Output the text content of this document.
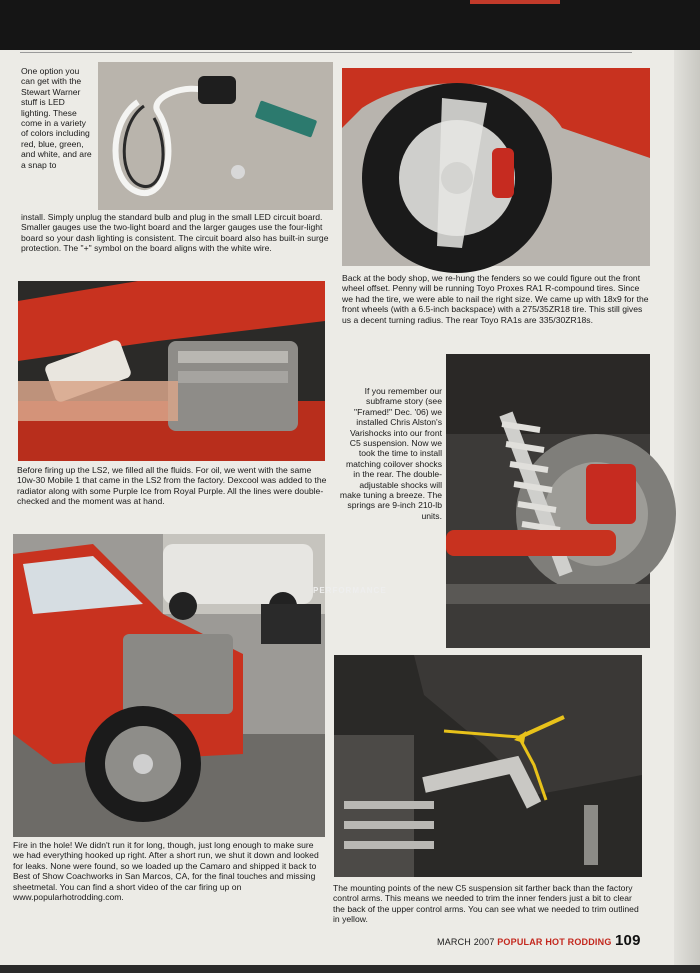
One option you can get with the Stewart Warner stuff is LED lighting. These come in a variety of colors including red, blue, green, and white, and are a snap to

install. Simply unplug the standard bulb and plug in the small LED circuit board. Smaller gauges use the two-light board and the larger gauges use the four-light board so your dash lighting is consistent. The circuit board also has built-in surge protection. The "+" symbol on the board aligns with the white wire.

Before firing up the LS2, we filled all the fluids. For oil, we went with the same 10w-30 Mobile 1 that came in the LS2 from the factory. Dexcool was added to the radiator along with some Purple Ice from Royal Purple. All the lines were double-checked and the moment was at hand.

PERFORMANCE

Fire in the hole! We didn't run it for long, though, just long enough to make sure we had everything hooked up right. After a short run, we shut it down and looked for leaks. None were found, so we loaded up the Camaro and shipped it back to Best of Show Coachworks in San Marcos, CA, for the final touches and missing sheetmetal. You can find a short video of the car firing up on www.popularhotrodding.com.

Back at the body shop, we re-hung the fenders so we could figure out the front wheel offset. Penny will be running Toyo Proxes RA1 R-compound tires. Since we had the tire, we were able to nail the right size. We came up with 18x9 for the front wheels (with a 6.5-inch backspace) with a 275/35ZR18 tire. This still gives us a decent turning radius. The rear Toyo RA1s are 335/30ZR18s.

If you remember our subframe story (see "Framed!" Dec. '06) we installed Chris Alston's Varishocks into our front C5 suspension. Now we took the time to install matching coilover shocks in the rear. The double-adjustable shocks will make tuning a breeze. The springs are 9-inch 210-lb units.

The mounting points of the new C5 suspension sit farther back than the factory control arms. This means we needed to trim the inner fenders just a bit to clear the back of the upper control arms. You can see what we needed to trim outlined in yellow.

MARCH 2007 POPULAR HOT RODDING 109
